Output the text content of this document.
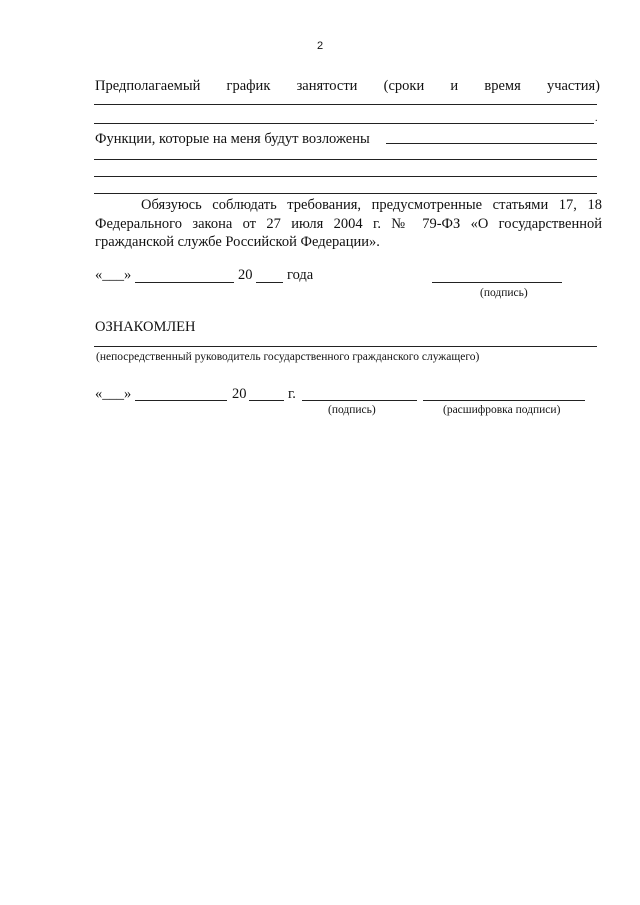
2
Предполагаемый график занятости (сроки и время участия)
.
Функции, которые на меня будут возложены
Обязуюсь соблюдать требования, предусмотренные статьями 17, 18 Федерального закона от 27 июля 2004 г. № 79-ФЗ «О государственной гражданской службе Российской Федерации».
«___»	20 года
(подпись)
ОЗНАКОМЛЕН
(непосредственный руководитель государственного гражданского служащего)
«___»	20	г.
(подпись)	(расшифровка подписи)
